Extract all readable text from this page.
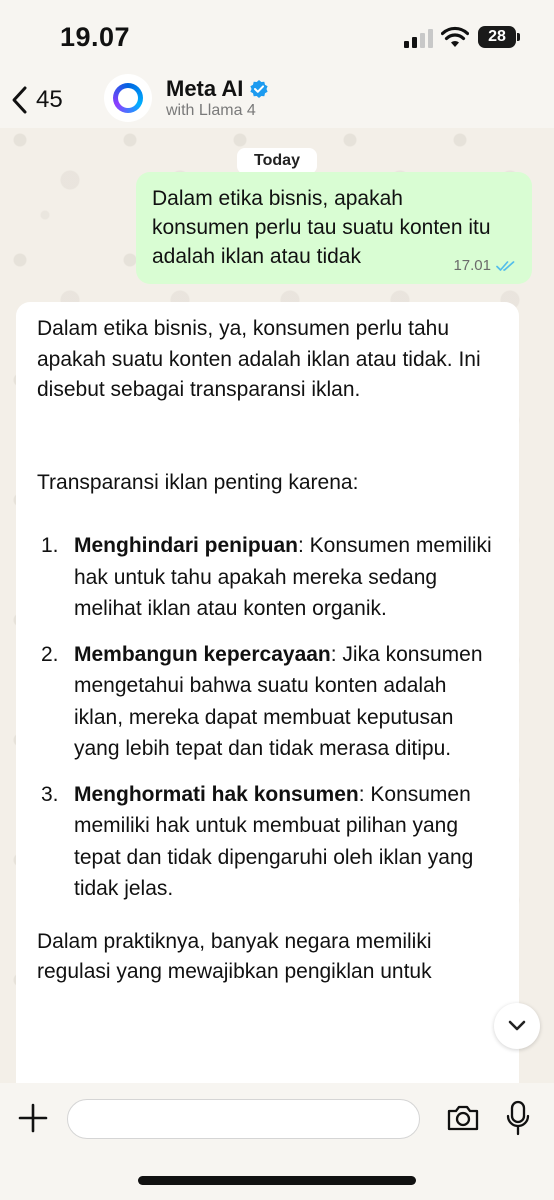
19.07	28
45	Meta AI
with Llama 4
Today
Dalam etika bisnis, apakah konsumen perlu tau suatu konten itu adalah iklan atau tidak	17.01

Dalam etika bisnis, ya, konsumen perlu tahu apakah suatu konten adalah iklan atau tidak. Ini disebut sebagai transparansi iklan.

Transparansi iklan penting karena:

1. Menghindari penipuan: Konsumen memiliki hak untuk tahu apakah mereka sedang melihat iklan atau konten organik.
2. Membangun kepercayaan: Jika konsumen mengetahui bahwa suatu konten adalah iklan, mereka dapat membuat keputusan yang lebih tepat dan tidak merasa ditipu.
3. Menghormati hak konsumen: Konsumen memiliki hak untuk membuat pilihan yang tepat dan tidak dipengaruhi oleh iklan yang tidak jelas.

Dalam praktiknya, banyak negara memiliki regulasi yang mewajibkan pengiklan untuk
